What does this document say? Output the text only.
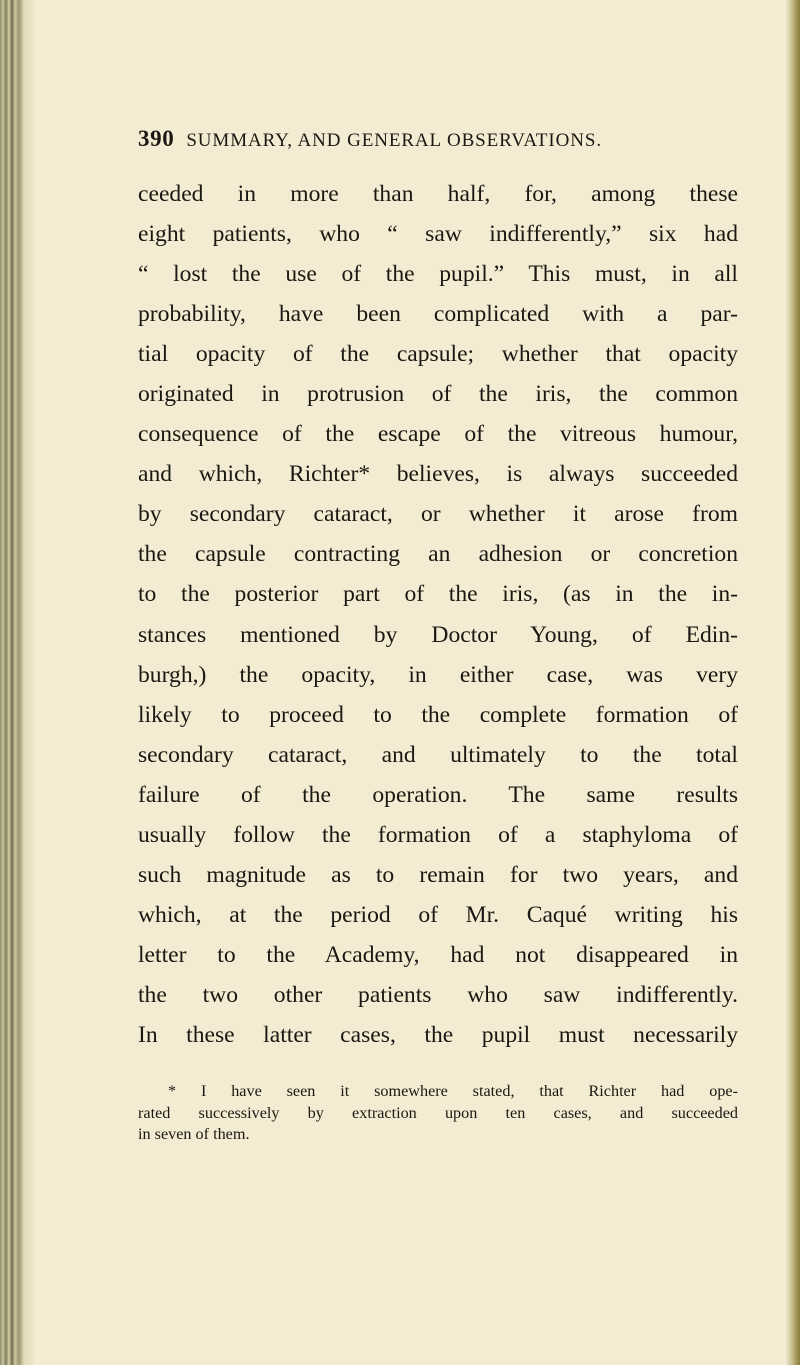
390 SUMMARY, AND GENERAL OBSERVATIONS.
ceeded in more than half, for, among these
eight patients, who “ saw indifferently,” six had
“ lost the use of the pupil.” This must, in all
probability, have been complicated with a par-
tial opacity of the capsule; whether that opacity
originated in protrusion of the iris, the common
consequence of the escape of the vitreous humour,
and which, Richter* believes, is always succeeded
by secondary cataract, or whether it arose from
the capsule contracting an adhesion or concretion
to the posterior part of the iris, (as in the in-
stances mentioned by Doctor Young, of Edin-
burgh,) the opacity, in either case, was very
likely to proceed to the complete formation of
secondary cataract, and ultimately to the total
failure of the operation. The same results
usually follow the formation of a staphyloma of
such magnitude as to remain for two years, and
which, at the period of Mr. Caqué writing his
letter to the Academy, had not disappeared in
the two other patients who saw indifferently.
In these latter cases, the pupil must necessarily
* I have seen it somewhere stated, that Richter had ope-
rated successively by extraction upon ten cases, and succeeded
in seven of them.
